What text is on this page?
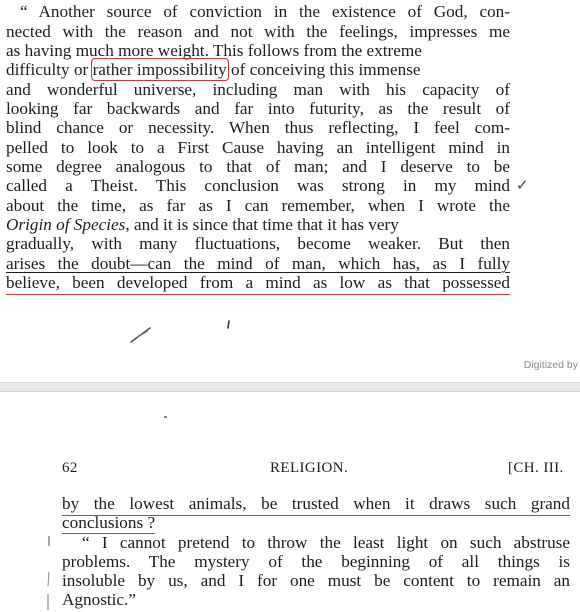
“ Another source of conviction in the existence of God, con-
nected with the reason and not with the feelings, impresses me
as having much more weight. This follows from the extreme
difficulty or rather impossibility of conceiving this immense
and wonderful universe, including man with his capacity of
looking far backwards and far into futurity, as the result of
blind chance or necessity. When thus reflecting, I feel com-
pelled to look to a First Cause having an intelligent mind in
some degree analogous to that of man; and I deserve to be
called a Theist. This conclusion was strong in my mind
about the time, as far as I can remember, when I wrote the
Origin of Species, and it is since that time that it has very
gradually, with many fluctuations, become weaker. But then
arises the doubt—can the mind of man, which has, as I fully
believe, been developed from a mind as low as that possessed
✓
Digitized by
62	RELIGION.	[CH. III.
by the lowest animals, be trusted when it draws such grand
conclusions ?
“ I cannot pretend to throw the least light on such abstruse
problems. The mystery of the beginning of all things is
insoluble by us, and I for one must be content to remain an
Agnostic.”
